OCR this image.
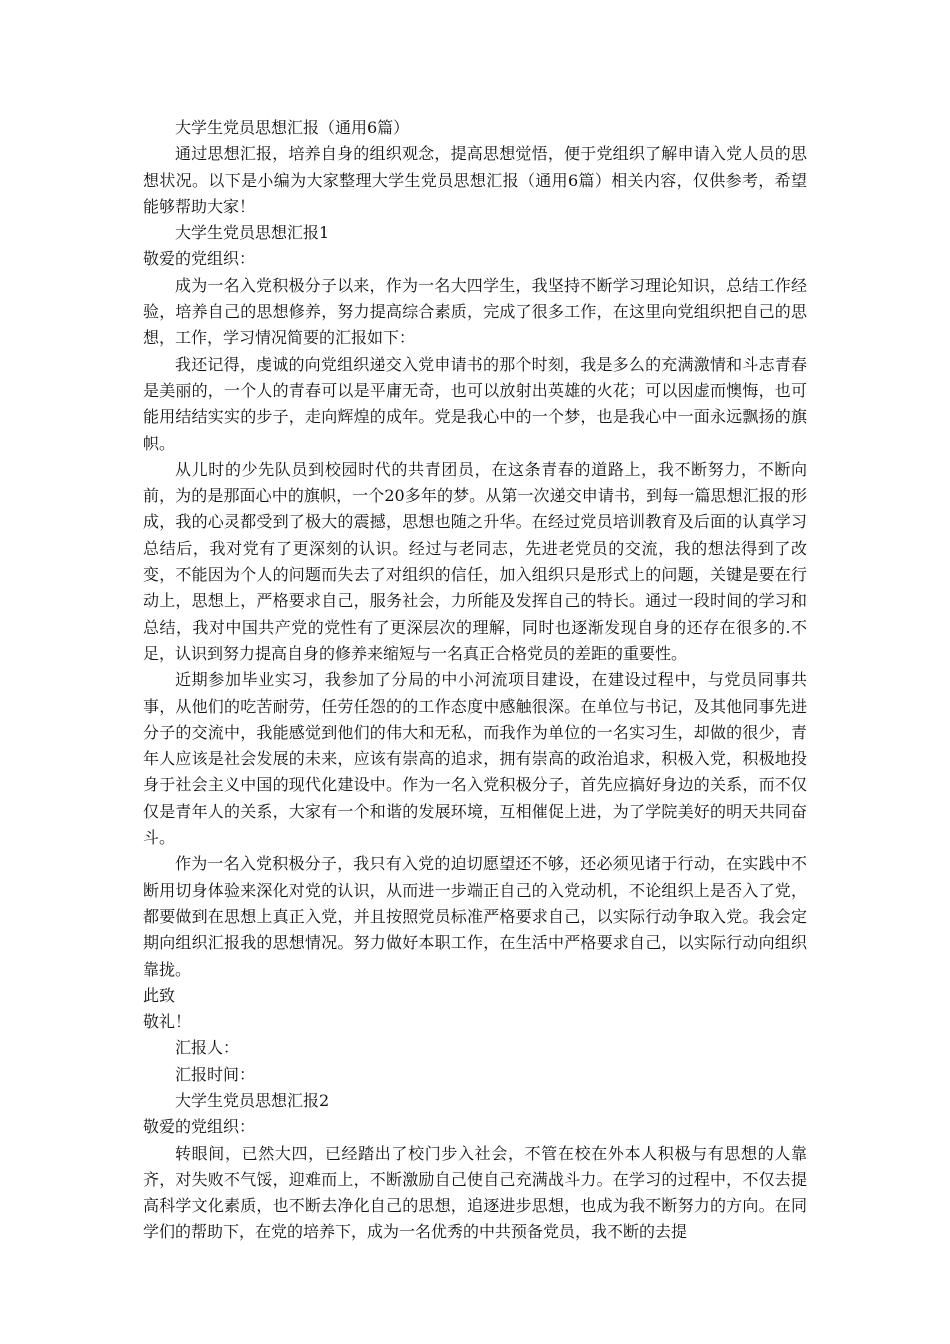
大学生党员思想汇报（通用6篇）

通过思想汇报，培养自身的组织观念，提高思想觉悟，便于党组织了解申请入党人员的思想状况。以下是小编为大家整理大学生党员思想汇报（通用6篇）相关内容，仅供参考，希望能够帮助大家！

大学生党员思想汇报1

敬爱的党组织：

成为一名入党积极分子以来，作为一名大四学生，我坚持不断学习理论知识，总结工作经验，培养自己的思想修养，努力提高综合素质，完成了很多工作，在这里向党组织把自己的思想，工作，学习情况简要的汇报如下：

我还记得，虔诚的向党组织递交入党申请书的那个时刻，我是多么的充满激情和斗志青春是美丽的，一个人的青春可以是平庸无奇，也可以放射出英雄的火花；可以因虚而懊悔，也可能用结结实实的步子，走向辉煌的成年。党是我心中的一个梦，也是我心中一面永远飘扬的旗帜。

从儿时的少先队员到校园时代的共青团员，在这条青春的道路上，我不断努力，不断向前，为的是那面心中的旗帜，一个20多年的梦。从第一次递交申请书，到每一篇思想汇报的形成，我的心灵都受到了极大的震撼，思想也随之升华。在经过党员培训教育及后面的认真学习总结后，我对党有了更深刻的认识。经过与老同志，先进老党员的交流，我的想法得到了改变，不能因为个人的问题而失去了对组织的信任，加入组织只是形式上的问题，关键是要在行动上，思想上，严格要求自己，服务社会，力所能及发挥自己的特长。通过一段时间的学习和总结，我对中国共产党的党性有了更深层次的理解，同时也逐渐发现自身的还存在很多的.不足，认识到努力提高自身的修养来缩短与一名真正合格党员的差距的重要性。

近期参加毕业实习，我参加了分局的中小河流项目建设，在建设过程中，与党员同事共事，从他们的吃苦耐劳，任劳任怨的的工作态度中感触很深。在单位与书记，及其他同事先进分子的交流中，我能感觉到他们的伟大和无私，而我作为单位的一名实习生，却做的很少，青年人应该是社会发展的未来，应该有崇高的追求，拥有崇高的政治追求，积极入党，积极地投身于社会主义中国的现代化建设中。作为一名入党积极分子，首先应搞好身边的关系，而不仅仅是青年人的关系，大家有一个和谐的发展环境，互相催促上进，为了学院美好的明天共同奋斗。

作为一名入党积极分子，我只有入党的迫切愿望还不够，还必须见诸于行动，在实践中不断用切身体验来深化对党的认识，从而进一步端正自己的入党动机，不论组织上是否入了党，都要做到在思想上真正入党，并且按照党员标准严格要求自己，以实际行动争取入党。我会定期向组织汇报我的思想情况。努力做好本职工作，在生活中严格要求自己，以实际行动向组织靠拢。

此致

敬礼！

汇报人：

汇报时间：

大学生党员思想汇报2

敬爱的党组织：

转眼间，已然大四，已经踏出了校门步入社会，不管在校在外本人积极与有思想的人靠齐，对失败不气馁，迎难而上，不断激励自己使自己充满战斗力。在学习的过程中，不仅去提高科学文化素质，也不断去净化自己的思想，追逐进步思想，也成为我不断努力的方向。在同学们的帮助下，在党的培养下，成为一名优秀的中共预备党员，我不断的去提
